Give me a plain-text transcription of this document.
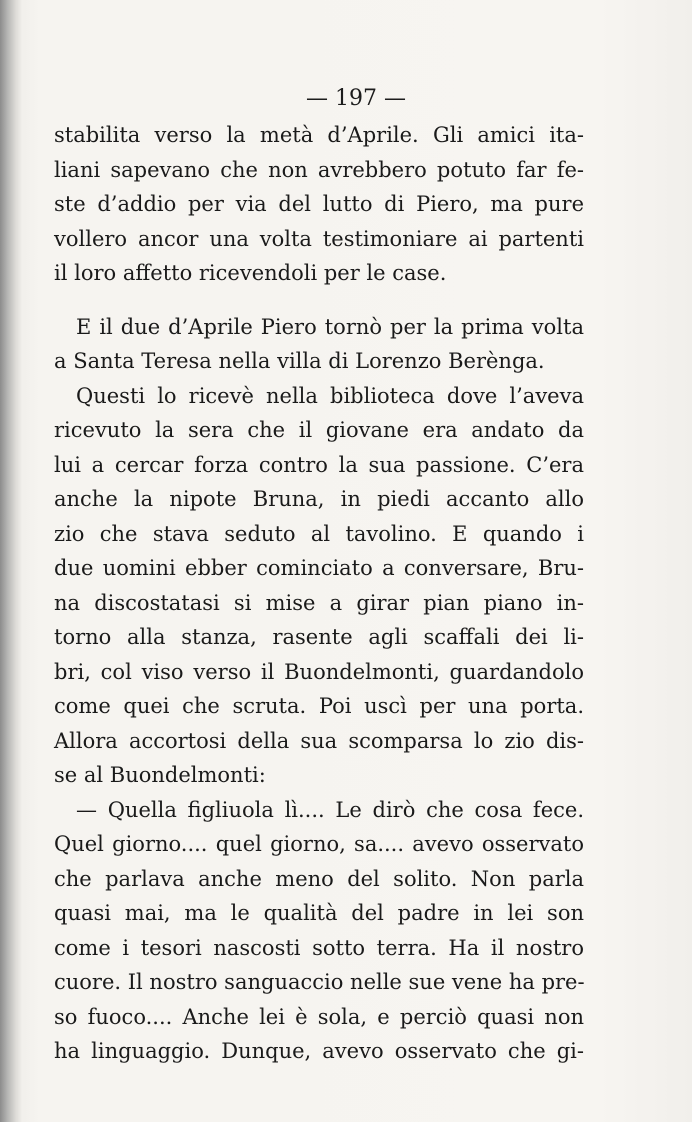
— 197 —
stabilita verso la metà d’Aprile. Gli amici ita-
liani sapevano che non avrebbero potuto far fe-
ste d’addio per via del lutto di Piero, ma pure
vollero ancor una volta testimoniare ai partenti
il loro affetto ricevendoli per le case.
E il due d’Aprile Piero tornò per la prima volta
a Santa Teresa nella villa di Lorenzo Berènga.
Questi lo ricevè nella biblioteca dove l’aveva
ricevuto la sera che il giovane era andato da
lui a cercar forza contro la sua passione. C’era
anche la nipote Bruna, in piedi accanto allo
zio che stava seduto al tavolino. E quando i
due uomini ebber cominciato a conversare, Bru-
na discostatasi si mise a girar pian piano in-
torno alla stanza, rasente agli scaffali dei li-
bri, col viso verso il Buondelmonti, guardandolo
come quei che scruta. Poi uscì per una porta.
Allora accortosi della sua scomparsa lo zio dis-
se al Buondelmonti:
— Quella figliuola lì.... Le dirò che cosa fece.
Quel giorno.... quel giorno, sa.... avevo osservato
che parlava anche meno del solito. Non parla
quasi mai, ma le qualità del padre in lei son
come i tesori nascosti sotto terra. Ha il nostro
cuore. Il nostro sanguaccio nelle sue vene ha pre-
so fuoco.... Anche lei è sola, e perciò quasi non
ha linguaggio. Dunque, avevo osservato che gi-
